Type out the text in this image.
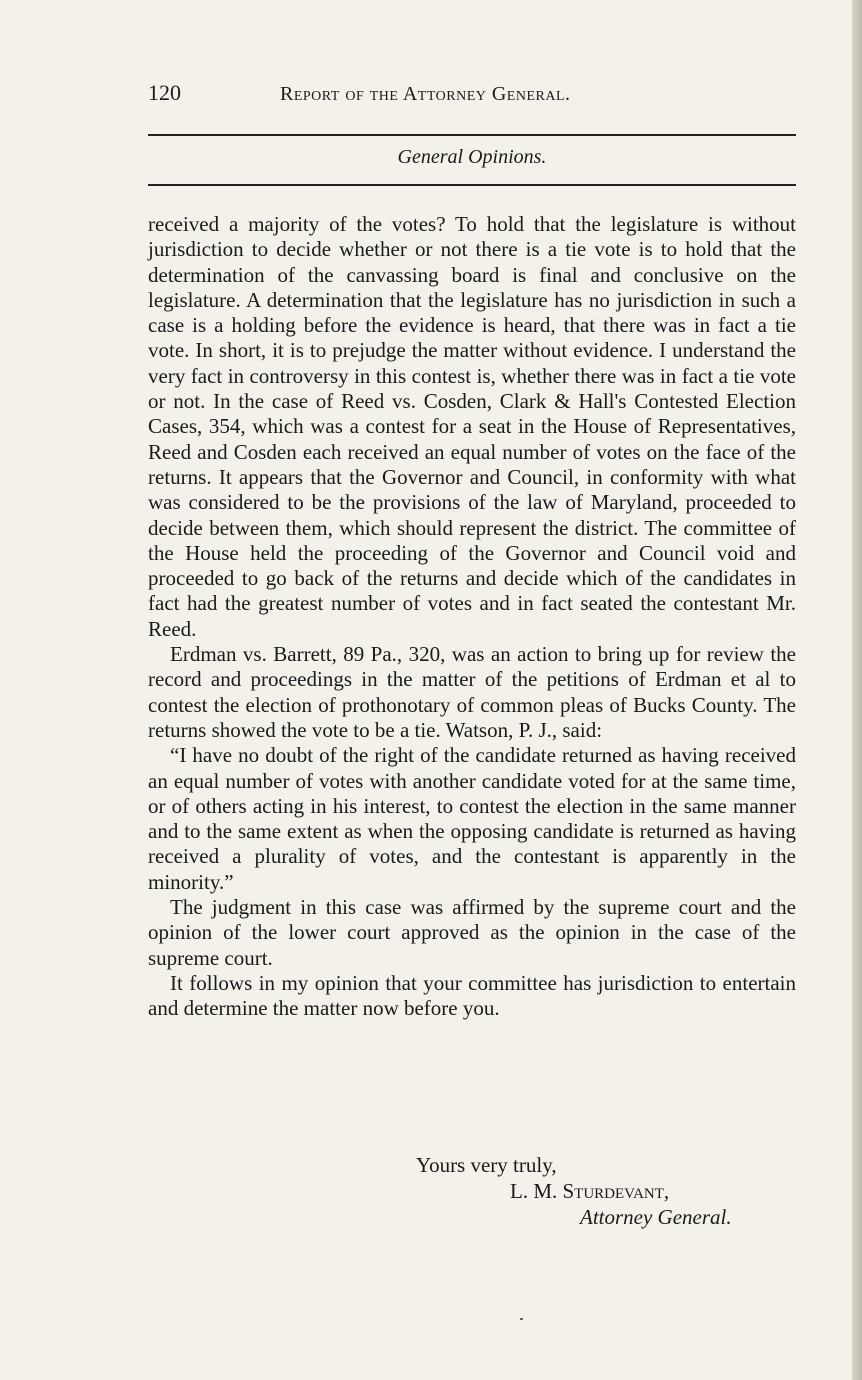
120	Report of the Attorney General.
General Opinions.

received a majority of the votes? To hold that the legislature is without jurisdiction to decide whether or not there is a tie vote is to hold that the determination of the canvassing board is final and conclusive on the legislature. A determination that the legislature has no jurisdiction in such a case is a holding before the evidence is heard, that there was in fact a tie vote. In short, it is to prejudge the matter without evidence. I understand the very fact in controversy in this contest is, whether there was in fact a tie vote or not. In the case of Reed vs. Cosden, Clark & Hall's Contested Election Cases, 354, which was a contest for a seat in the House of Representatives, Reed and Cosden each received an equal number of votes on the face of the returns. It appears that the Governor and Council, in conformity with what was considered to be the provisions of the law of Maryland, proceeded to decide between them, which should represent the district. The committee of the House held the proceeding of the Governor and Council void and proceeded to go back of the returns and decide which of the candidates in fact had the greatest number of votes and in fact seated the contestant Mr. Reed.

Erdman vs. Barrett, 89 Pa., 320, was an action to bring up for review the record and proceedings in the matter of the petitions of Erdman et al to contest the election of prothonotary of common pleas of Bucks County. The returns showed the vote to be a tie. Watson, P. J., said:

“I have no doubt of the right of the candidate returned as having received an equal number of votes with another candidate voted for at the same time, or of others acting in his interest, to contest the election in the same manner and to the same extent as when the opposing candidate is returned as having received a plurality of votes, and the contestant is apparently in the minority.”

The judgment in this case was affirmed by the supreme court and the opinion of the lower court approved as the opinion in the case of the supreme court.

It follows in my opinion that your committee has jurisdiction to entertain and determine the matter now before you.

Yours very truly,
L. M. Sturdevant,
Attorney General.
